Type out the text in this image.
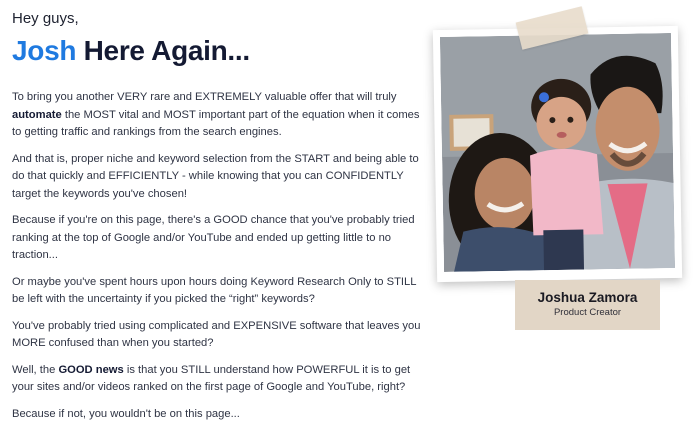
Hey guys,

Josh Here Again...

To bring you another VERY rare and EXTREMELY valuable offer that will truly automate the MOST vital and MOST important part of the equation when it comes to getting traffic and rankings from the search engines.

And that is, proper niche and keyword selection from the START and being able to do that quickly and EFFICIENTLY - while knowing that you can CONFIDENTLY target the keywords you've chosen!

Because if you're on this page, there's a GOOD chance that you've probably tried ranking at the top of Google and/or YouTube and ended up getting little to no traction...

Or maybe you've spent hours upon hours doing Keyword Research Only to STILL be left with the uncertainty if you picked the “right” keywords?

You've probably tried using complicated and EXPENSIVE software that leaves you MORE confused than when you started?

Well, the GOOD news is that you STILL understand how POWERFUL it is to get your sites and/or videos ranked on the first page of Google and YouTube, right?

Because if not, you wouldn't be on this page...

Joshua Zamora
Product Creator
